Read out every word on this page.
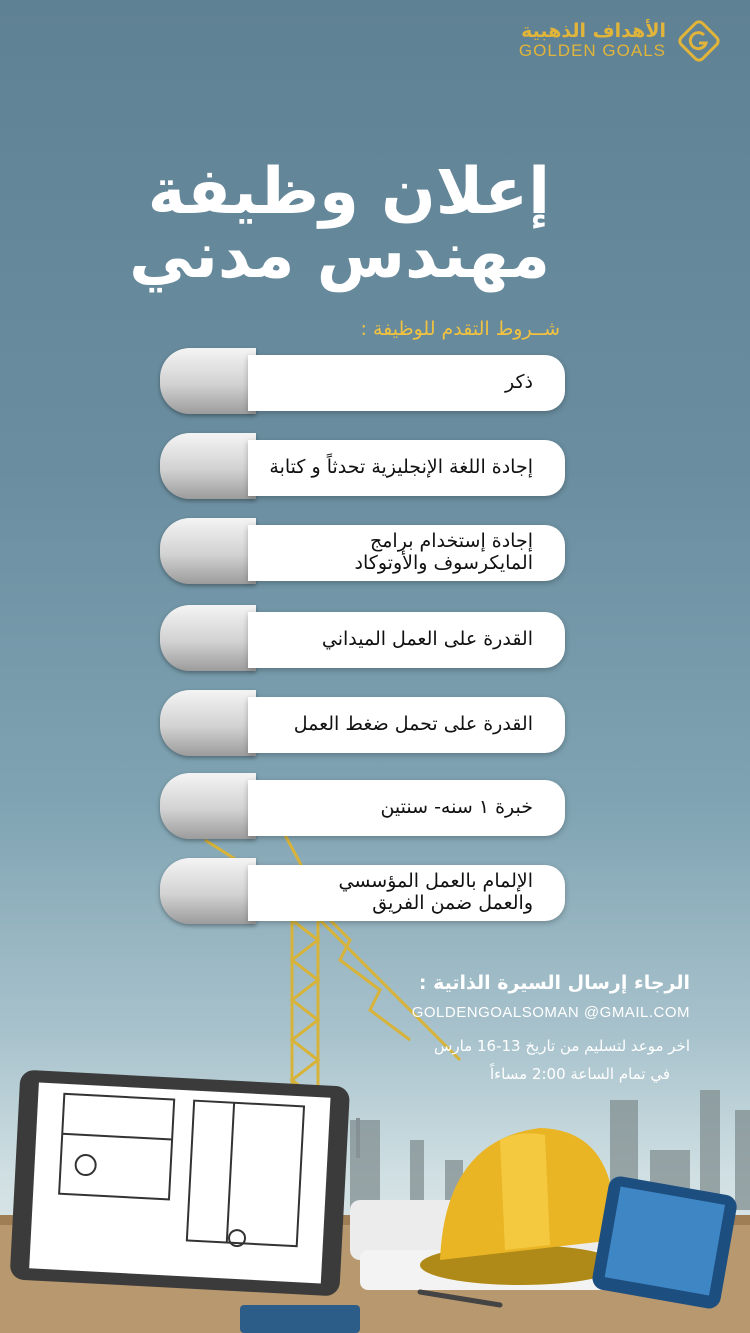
الأهداف الذهبية
GOLDEN GOALS
إعلان وظيفة
مهندس مدني
شــروط التقدم للوظيفة :
ذكر
إجادة اللغة الإنجليزية تحدثاً و كتابة
إجادة إستخدام برامج المايكرسوف والأوتوكاد
القدرة على العمل الميداني
القدرة على تحمل ضغط العمل
خبرة ١ سنه- سنتين
الإلمام بالعمل المؤسسي والعمل ضمن الفريق
الرجاء إرسال السيرة الذاتية :
GOLDENGOALSOMAN @GMAIL.COM
اخر موعد لتسليم من تاريخ 13-16 مارس
في تمام الساعة 2:00 مساءاً
